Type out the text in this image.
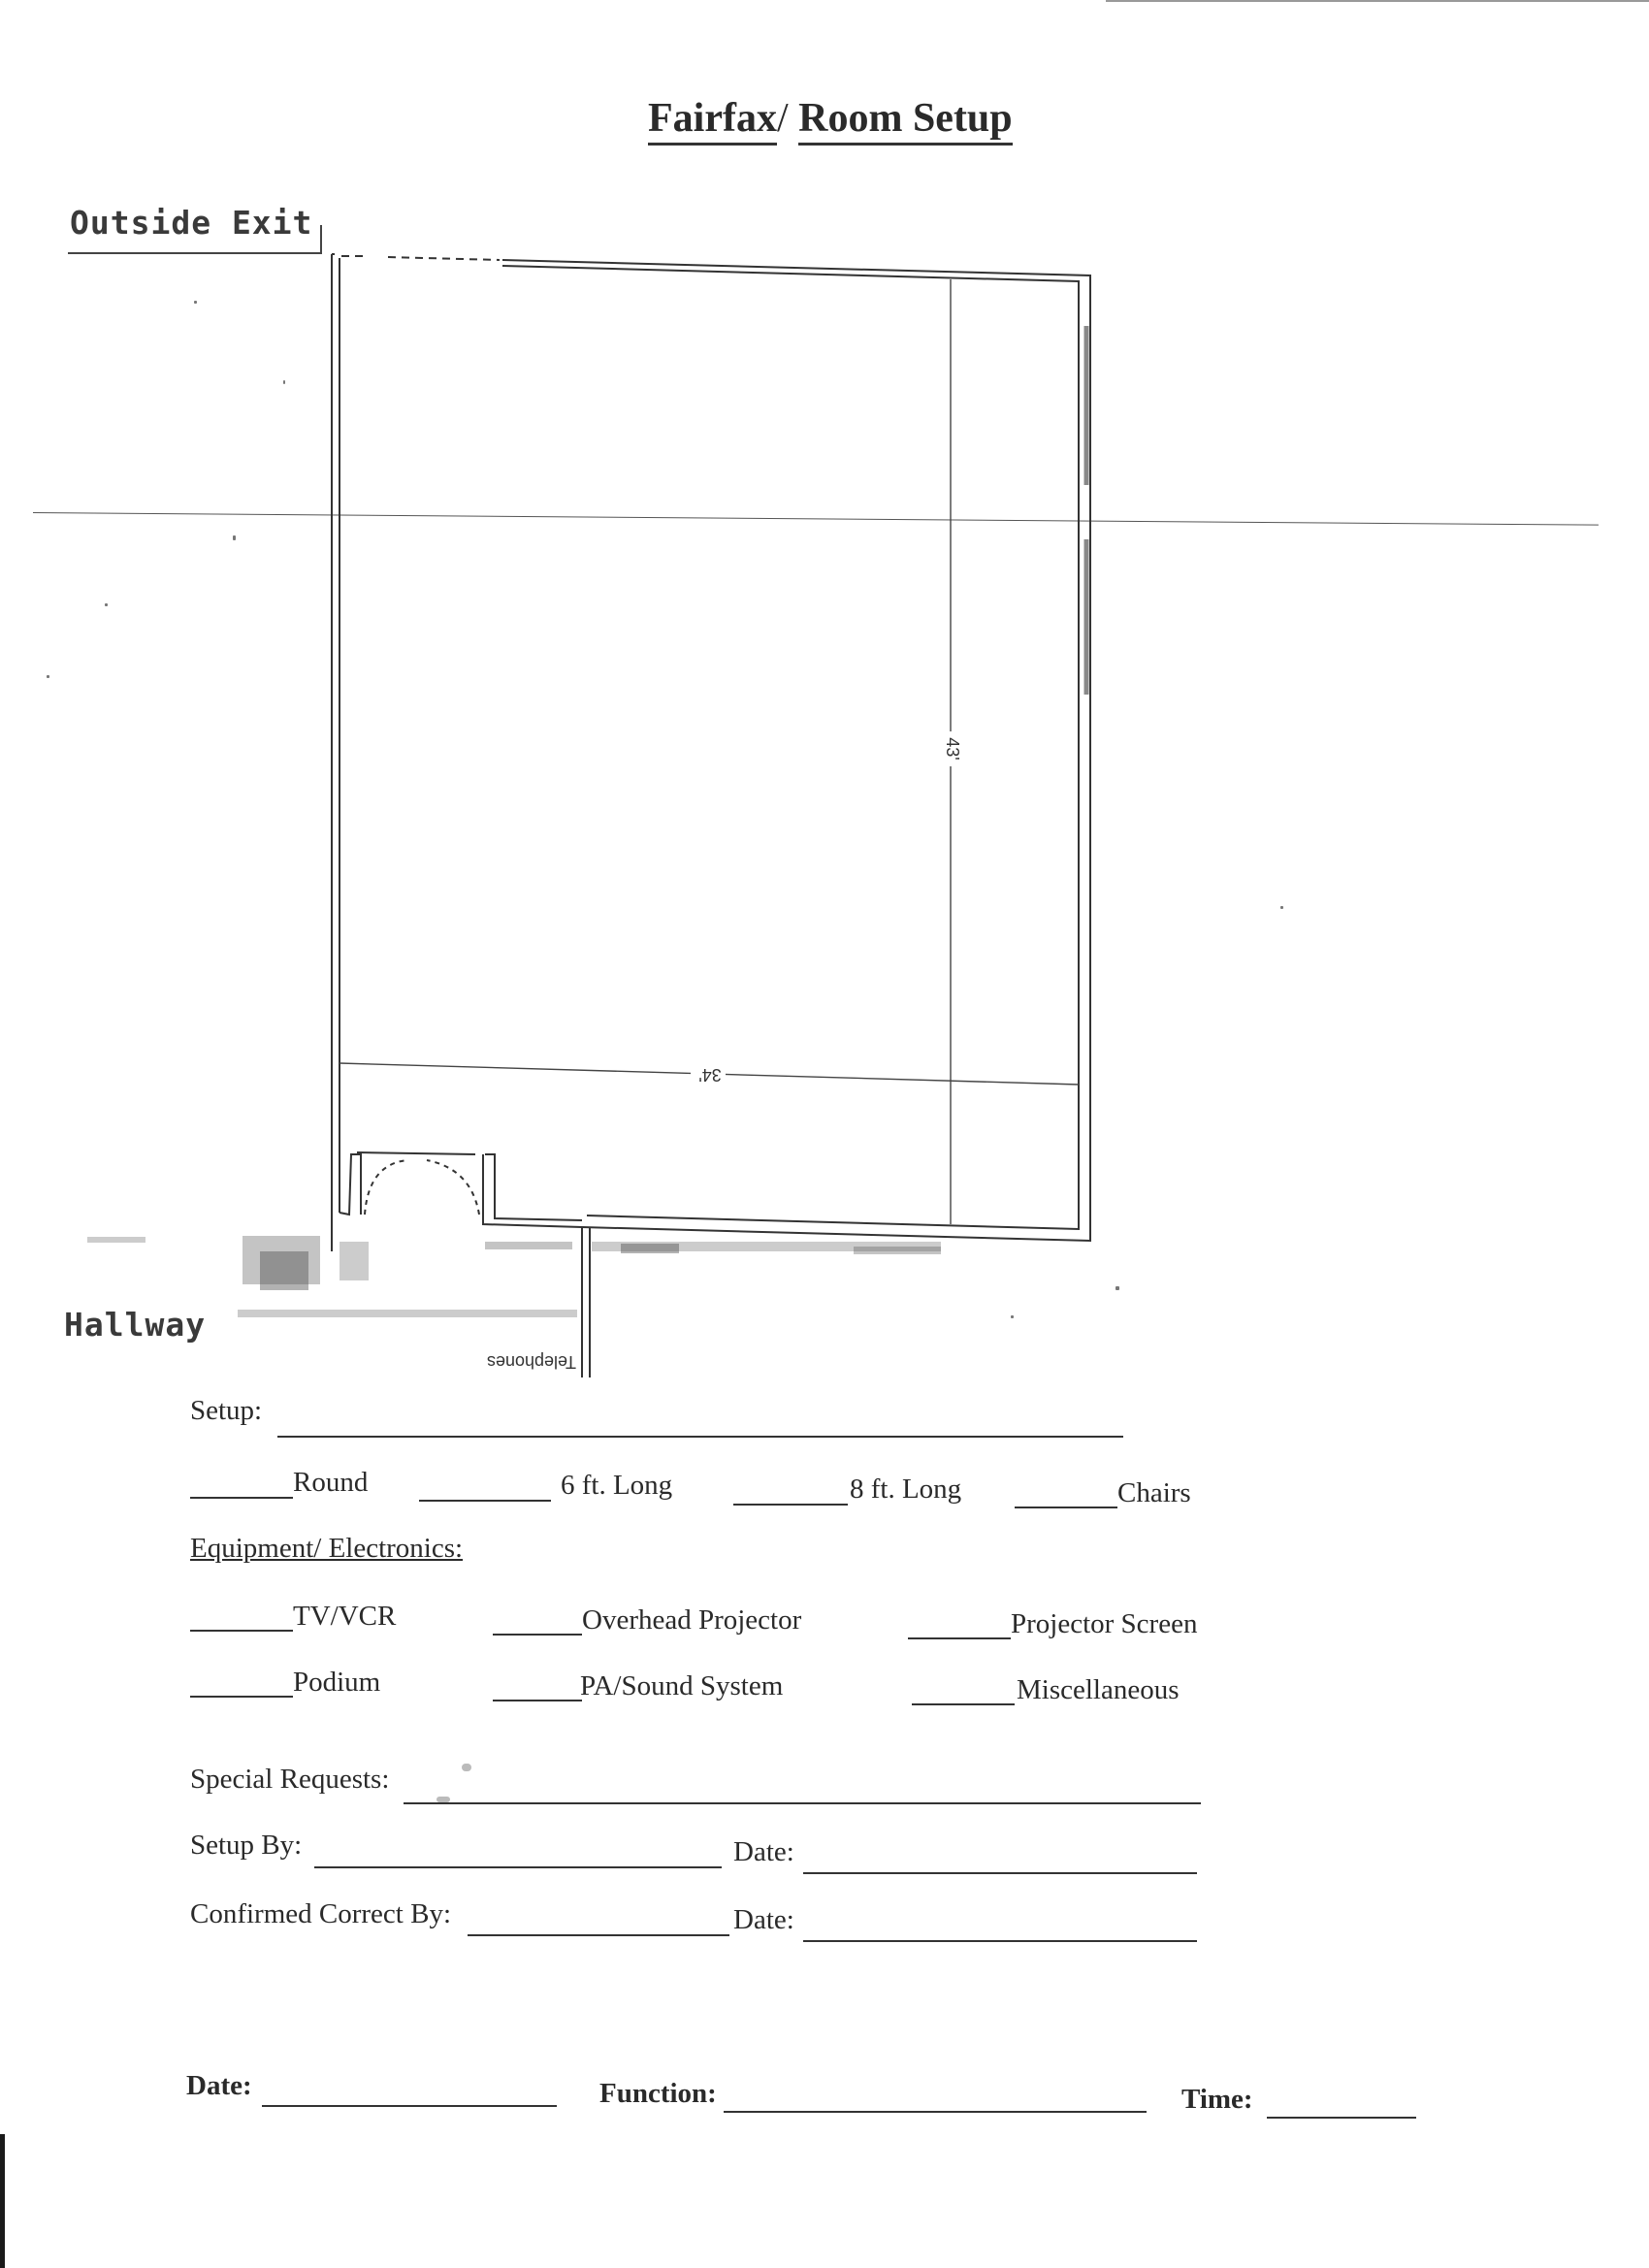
Fairfax/ Room Setup
Outside Exit
34'
43'
Telephones
Hallway
Setup:
Round	6 ft. Long	8 ft. Long	Chairs
Equipment/ Electronics:
TV/VCR	Overhead Projector	Projector Screen
Podium	PA/Sound System	Miscellaneous
Special Requests:
Setup By:	Date:
Confirmed Correct By:	Date:
Date:	Function:	Time:
